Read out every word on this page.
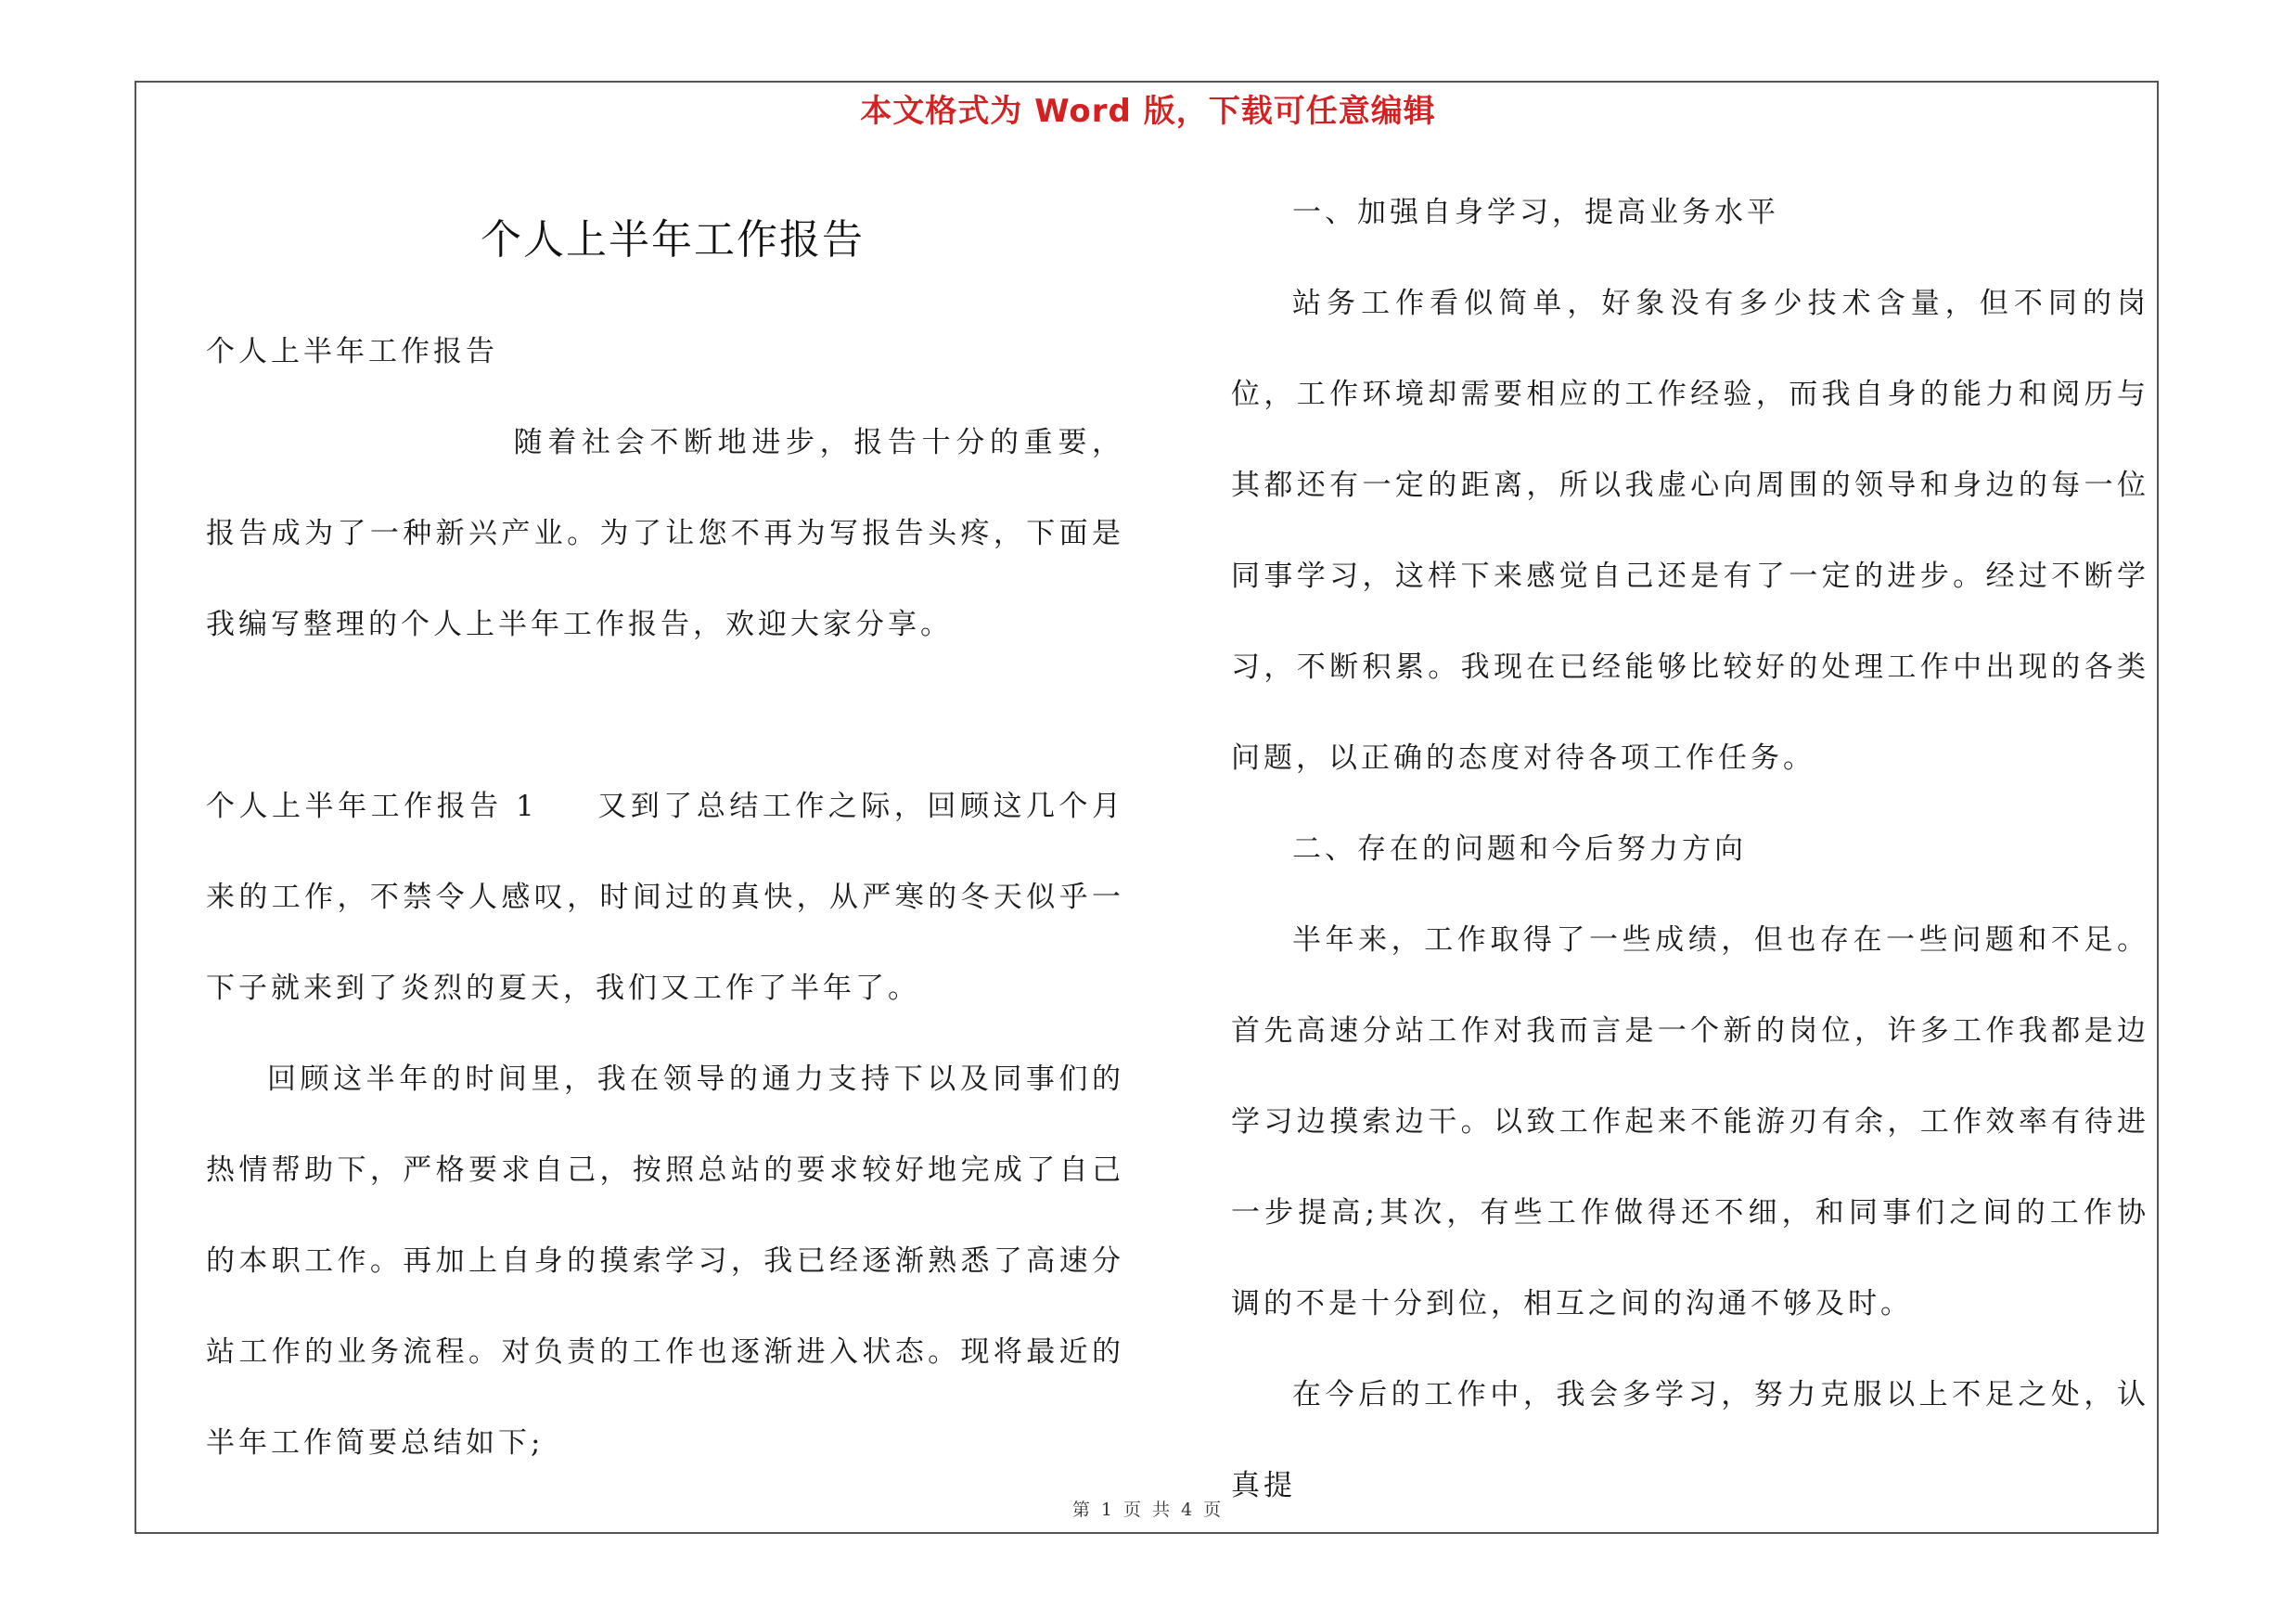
本文格式为 Word 版，下载可任意编辑
个人上半年工作报告

个人上半年工作报告

随着社会不断地进步，报告十分的重要，报告成为了一种新兴产业。为了让您不再为写报告头疼，下面是我编写整理的个人上半年工作报告，欢迎大家分享。

个人上半年工作报告 1 又到了总结工作之际，回顾这几个月来的工作，不禁令人感叹，时间过的真快，从严寒的冬天似乎一下子就来到了炎烈的夏天，我们又工作了半年了。

回顾这半年的时间里，我在领导的通力支持下以及同事们的热情帮助下，严格要求自己，按照总站的要求较好地完成了自己的本职工作。再加上自身的摸索学习，我已经逐渐熟悉了高速分站工作的业务流程。对负责的工作也逐渐进入状态。现将最近的半年工作简要总结如下;

一、加强自身学习，提高业务水平

站务工作看似简单，好象没有多少技术含量，但不同的岗位，工作环境却需要相应的工作经验，而我自身的能力和阅历与其都还有一定的距离，所以我虚心向周围的领导和身边的每一位同事学习，这样下来感觉自己还是有了一定的进步。经过不断学习，不断积累。我现在已经能够比较好的处理工作中出现的各类问题，以正确的态度对待各项工作任务。

二、存在的问题和今后努力方向

半年来，工作取得了一些成绩，但也存在一些问题和不足。首先高速分站工作对我而言是一个新的岗位，许多工作我都是边学习边摸索边干。以致工作起来不能游刃有余，工作效率有待进一步提高;其次，有些工作做得还不细，和同事们之间的工作协调的不是十分到位，相互之间的沟通不够及时。

在今后的工作中，我会多学习，努力克服以上不足之处，认真提

第 1 页 共 4 页
